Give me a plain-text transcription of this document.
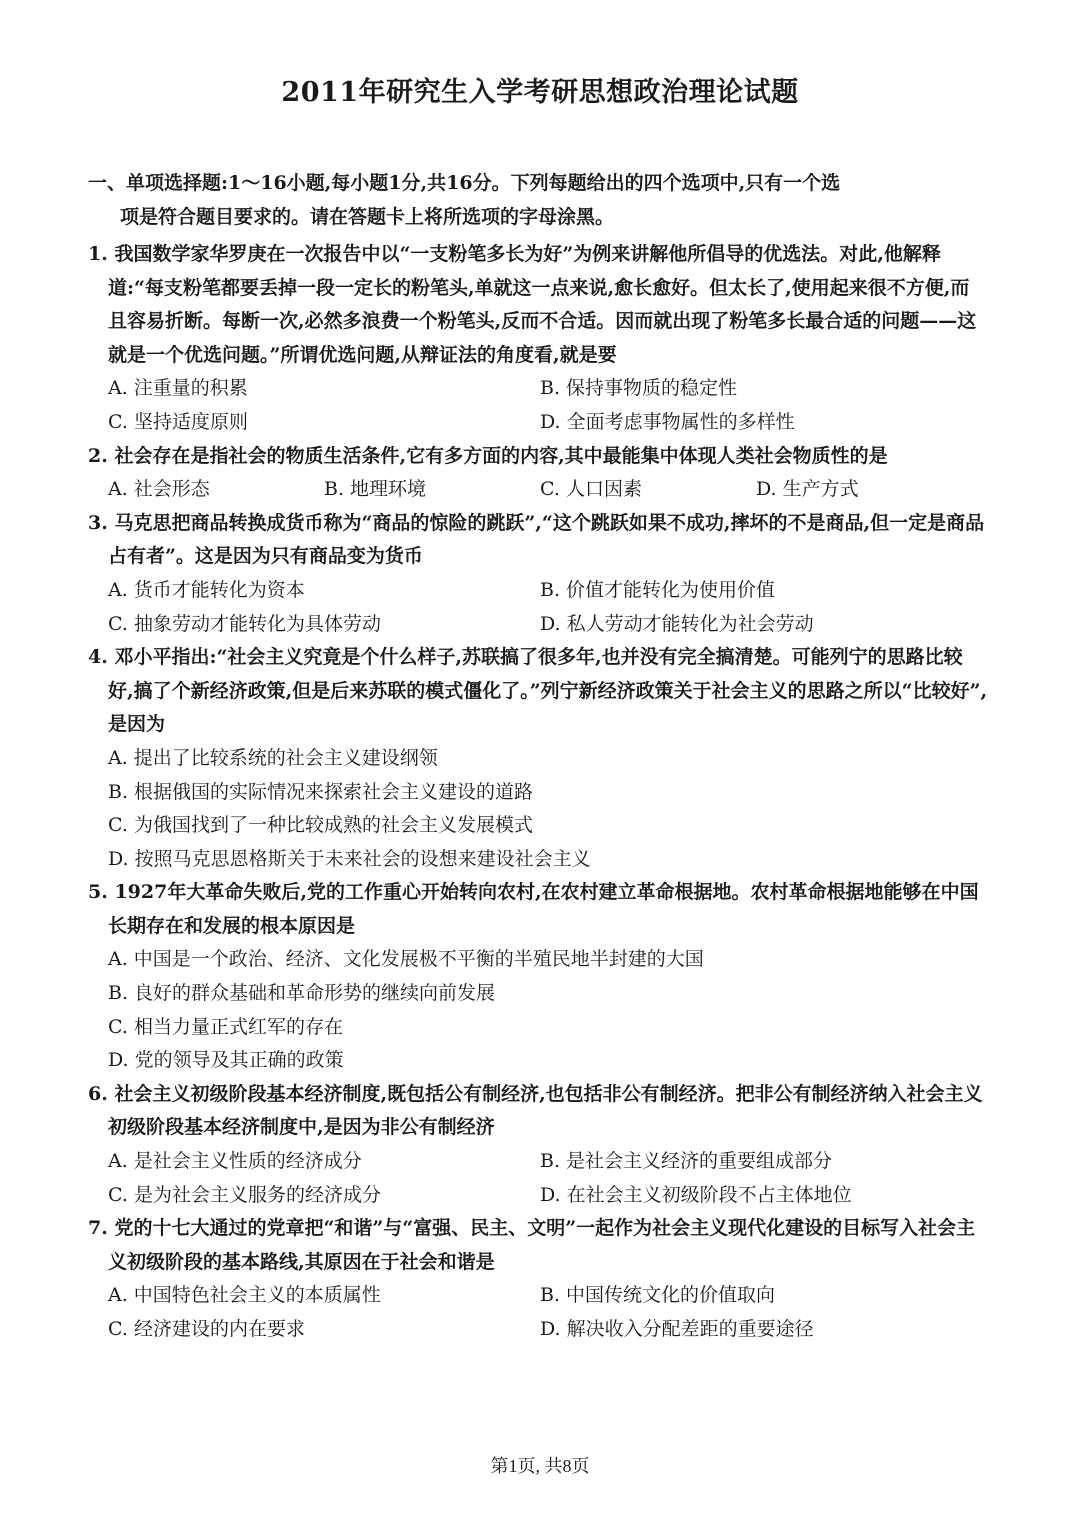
2011年研究生入学考研思想政治理论试题
一、单项选择题:1～16小题,每小题1分,共16分。下列每题给出的四个选项中,只有一个选
项是符合题目要求的。请在答题卡上将所选项的字母涂黑。
1. 我国数学家华罗庚在一次报告中以“一支粉笔多长为好”为例来讲解他所倡导的优选法。对此,他解释道:“每支粉笔都要丢掉一段一定长的粉笔头,单就这一点来说,愈长愈好。但太长了,使用起来很不方便,而且容易折断。每断一次,必然多浪费一个粉笔头,反而不合适。因而就出现了粉笔多长最合适的问题——这就是一个优选问题。”所谓优选问题,从辩证法的角度看,就是要
A. 注重量的积累	B. 保持事物质的稳定性
C. 坚持适度原则	D. 全面考虑事物属性的多样性
2. 社会存在是指社会的物质生活条件,它有多方面的内容,其中最能集中体现人类社会物质性的是
A. 社会形态	B. 地理环境	C. 人口因素	D. 生产方式
3. 马克思把商品转换成货币称为“商品的惊险的跳跃”,“这个跳跃如果不成功,摔坏的不是商品,但一定是商品占有者”。这是因为只有商品变为货币
A. 货币才能转化为资本	B. 价值才能转化为使用价值
C. 抽象劳动才能转化为具体劳动	D. 私人劳动才能转化为社会劳动
4. 邓小平指出:“社会主义究竟是个什么样子,苏联搞了很多年,也并没有完全搞清楚。可能列宁的思路比较好,搞了个新经济政策,但是后来苏联的模式僵化了。”列宁新经济政策关于社会主义的思路之所以“比较好”,是因为
A. 提出了比较系统的社会主义建设纲领
B. 根据俄国的实际情况来探索社会主义建设的道路
C. 为俄国找到了一种比较成熟的社会主义发展模式
D. 按照马克思恩格斯关于未来社会的设想来建设社会主义
5. 1927年大革命失败后,党的工作重心开始转向农村,在农村建立革命根据地。农村革命根据地能够在中国长期存在和发展的根本原因是
A. 中国是一个政治、经济、文化发展极不平衡的半殖民地半封建的大国
B. 良好的群众基础和革命形势的继续向前发展
C. 相当力量正式红军的存在
D. 党的领导及其正确的政策
6. 社会主义初级阶段基本经济制度,既包括公有制经济,也包括非公有制经济。把非公有制经济纳入社会主义初级阶段基本经济制度中,是因为非公有制经济
A. 是社会主义性质的经济成分	B. 是社会主义经济的重要组成部分
C. 是为社会主义服务的经济成分	D. 在社会主义初级阶段不占主体地位
7. 党的十七大通过的党章把“和谐”与“富强、民主、文明”一起作为社会主义现代化建设的目标写入社会主义初级阶段的基本路线,其原因在于社会和谐是
A. 中国特色社会主义的本质属性	B. 中国传统文化的价值取向
C. 经济建设的内在要求	D. 解决收入分配差距的重要途径
第1页, 共8页
